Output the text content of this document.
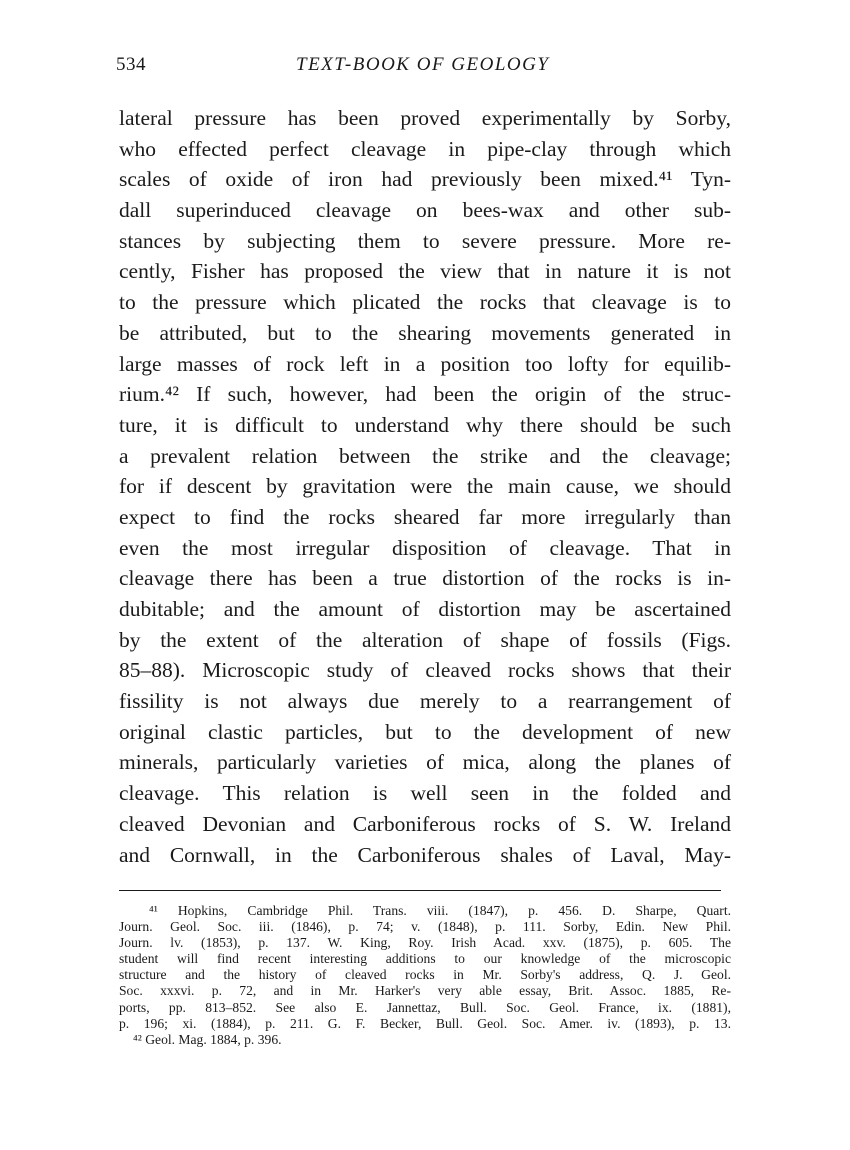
534	TEXT-BOOK OF GEOLOGY
lateral pressure has been proved experimentally by Sorby,
who effected perfect cleavage in pipe-clay through which
scales of oxide of iron had previously been mixed.⁴¹ Tyn-
dall superinduced cleavage on bees-wax and other sub-
stances by subjecting them to severe pressure. More re-
cently, Fisher has proposed the view that in nature it is not
to the pressure which plicated the rocks that cleavage is to
be attributed, but to the shearing movements generated in
large masses of rock left in a position too lofty for equilib-
rium.⁴² If such, however, had been the origin of the struc-
ture, it is difficult to understand why there should be such
a prevalent relation between the strike and the cleavage;
for if descent by gravitation were the main cause, we should
expect to find the rocks sheared far more irregularly than
even the most irregular disposition of cleavage. That in
cleavage there has been a true distortion of the rocks is in-
dubitable; and the amount of distortion may be ascertained
by the extent of the alteration of shape of fossils (Figs.
85–88). Microscopic study of cleaved rocks shows that their
fissility is not always due merely to a rearrangement of
original clastic particles, but to the development of new
minerals, particularly varieties of mica, along the planes of
cleavage. This relation is well seen in the folded and
cleaved Devonian and Carboniferous rocks of S. W. Ireland
and Cornwall, in the Carboniferous shales of Laval, May-
⁴¹ Hopkins, Cambridge Phil. Trans. viii. (1847), p. 456. D. Sharpe, Quart.
Journ. Geol. Soc. iii. (1846), p. 74; v. (1848), p. 111. Sorby, Edin. New Phil.
Journ. lv. (1853), p. 137. W. King, Roy. Irish Acad. xxv. (1875), p. 605. The
student will find recent interesting additions to our knowledge of the microscopic
structure and the history of cleaved rocks in Mr. Sorby's address, Q. J. Geol.
Soc. xxxvi. p. 72, and in Mr. Harker's very able essay, Brit. Assoc. 1885, Re-
ports, pp. 813–852. See also E. Jannettaz, Bull. Soc. Geol. France, ix. (1881),
p. 196; xi. (1884), p. 211. G. F. Becker, Bull. Geol. Soc. Amer. iv. (1893), p. 13.
⁴² Geol. Mag. 1884, p. 396.
